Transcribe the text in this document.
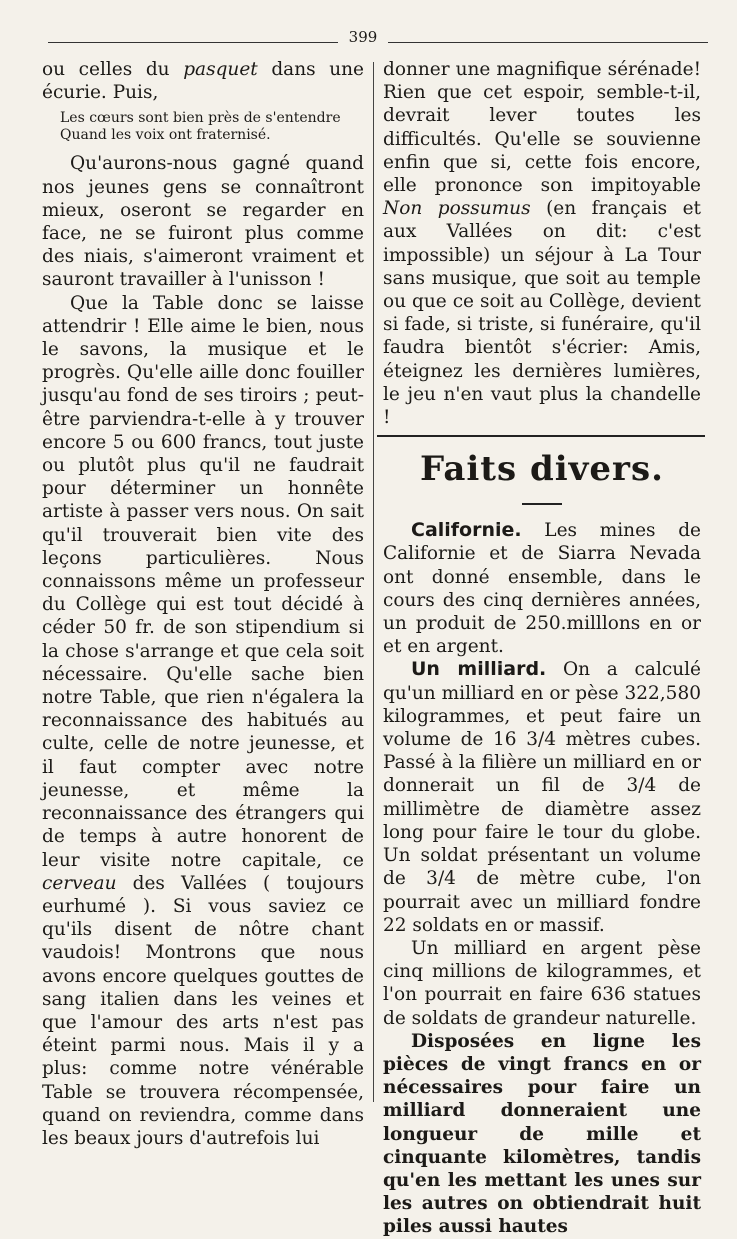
399

ou celles du pasquet dans une écurie. Puis,

Les cœurs sont bien près de s'entendre
Quand les voix ont fraternisé.

Qu'aurons-nous gagné quand nos jeunes gens se connaîtront mieux, oseront se regarder en face, ne se fuiront plus comme des niais, s'aimeront vraiment et sauront travailler à l'unisson !

Que la Table donc se laisse attendrir ! Elle aime le bien, nous le savons, la musique et le progrès. Qu'elle aille donc fouiller jusqu'au fond de ses tiroirs ; peut-être parviendra-t-elle à y trouver encore 5 ou 600 francs, tout juste ou plutôt plus qu'il ne faudrait pour déterminer un honnête artiste à passer vers nous. On sait qu'il trouverait bien vite des leçons particulières. Nous connaissons même un professeur du Collège qui est tout décidé à céder 50 fr. de son stipendium si la chose s'arrange et que cela soit nécessaire. Qu'elle sache bien notre Table, que rien n'égalera la reconnaissance des habitués au culte, celle de notre jeunesse, et il faut compter avec notre jeunesse, et même la reconnaissance des étrangers qui de temps à autre honorent de leur visite notre capitale, ce cerveau des Vallées ( toujours eurhumé ). Si vous saviez ce qu'ils disent de nôtre chant vaudois! Montrons que nous avons encore quelques gouttes de sang italien dans les veines et que l'amour des arts n'est pas éteint parmi nous. Mais il y a plus: comme notre vénérable Table se trouvera récompensée, quand on reviendra, comme dans les beaux jours d'autrefois lui

donner une magnifique sérénade! Rien que cet espoir, semble-t-il, devrait lever toutes les difficultés. Qu'elle se souvienne enfin que si, cette fois encore, elle prononce son impitoyable Non possumus (en français et aux Vallées on dit: c'est impossible) un séjour à La Tour sans musique, que soit au temple ou que ce soit au Collège, devient si fade, si triste, si funéraire, qu'il faudra bientôt s'écrier: Amis, éteignez les dernières lumières, le jeu n'en vaut plus la chandelle !

Faits divers.

Californie. Les mines de Californie et de Siarra Nevada ont donné ensemble, dans le cours des cinq dernières années, un produit de 250.milllons en or et en argent.

Un milliard. On a calculé qu'un milliard en or pèse 322,580 kilogrammes, et peut faire un volume de 16 3/4 mètres cubes. Passé à la filière un milliard en or donnerait un fil de 3/4 de millimètre de diamètre assez long pour faire le tour du globe. Un soldat présentant un volume de 3/4 de mètre cube, l'on pourrait avec un milliard fondre 22 soldats en or massif.

Un milliard en argent pèse cinq millions de kilogrammes, et l'on pourrait en faire 636 statues de soldats de grandeur naturelle.

Disposées en ligne les pièces de vingt francs en or nécessaires pour faire un milliard donneraient une longueur de mille et cinquante kilomètres, tandis qu'en les mettant les unes sur les autres on obtiendrait huit piles aussi hautes
